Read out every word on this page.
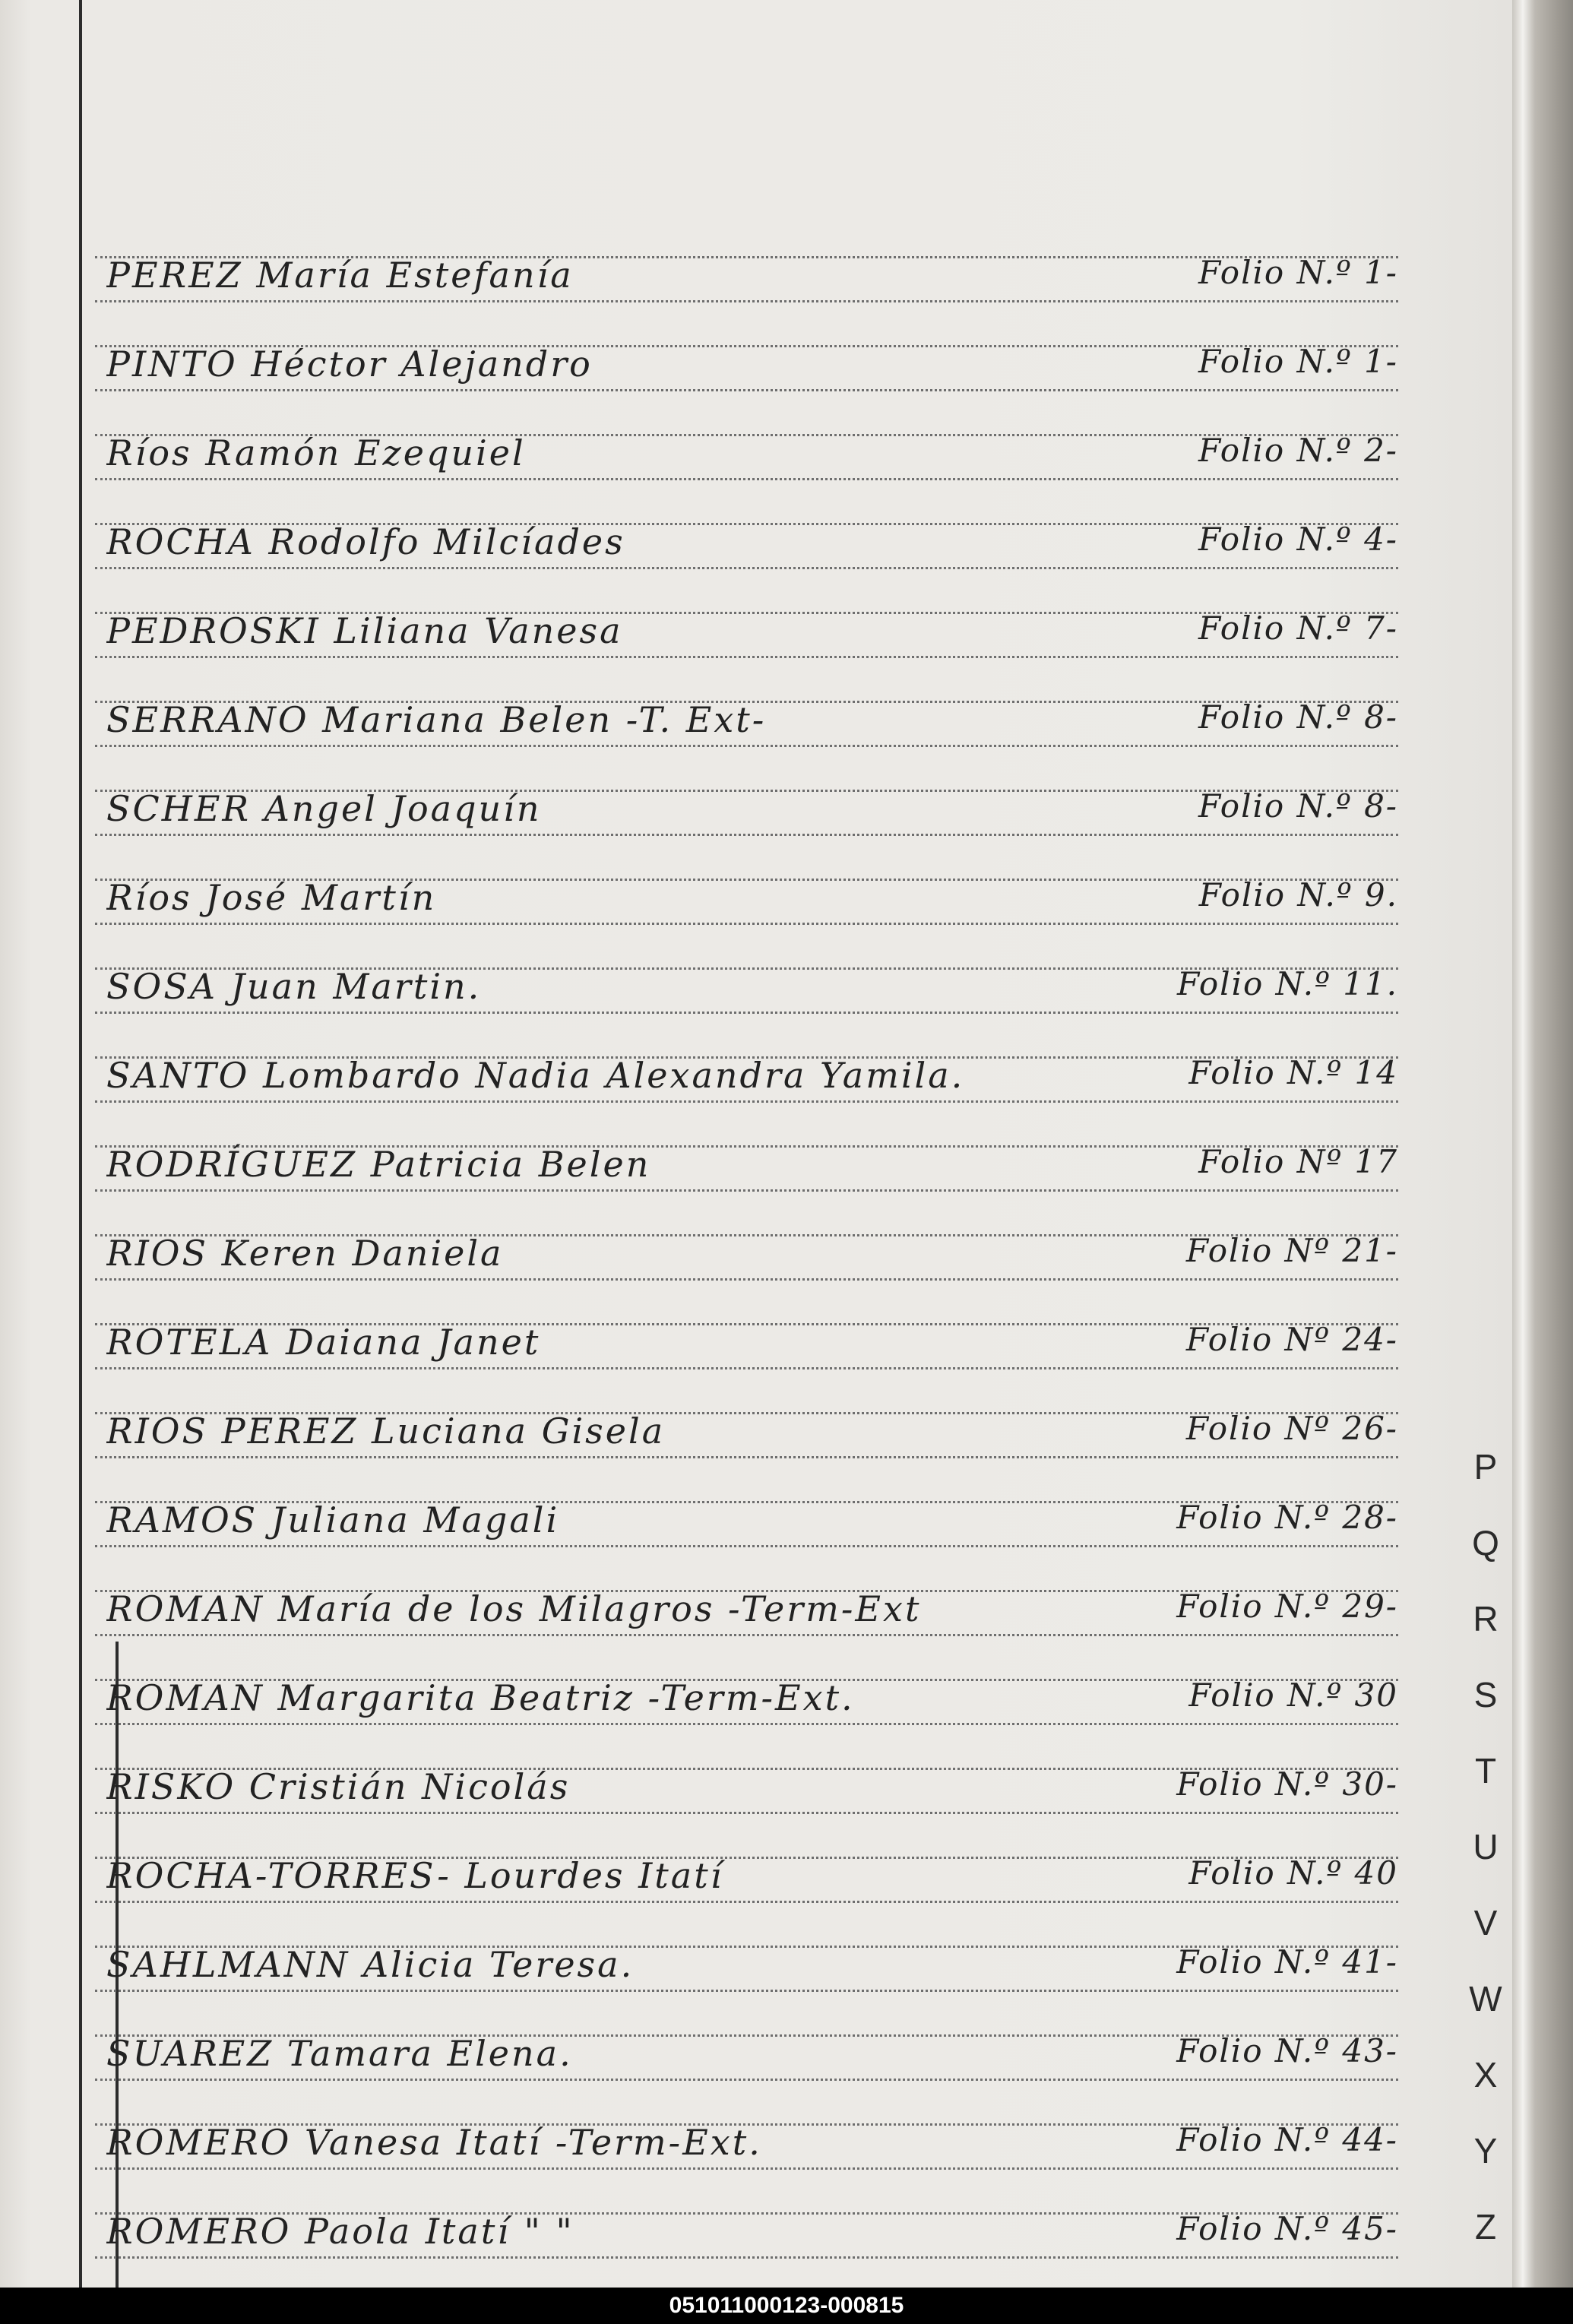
PEREZ María Estefanía	Folio N.º 1-
PINTO Héctor Alejandro	Folio N.º 1-
Ríos Ramón Ezequiel	Folio N.º 2-
ROCHA Rodolfo Milcíades	Folio N.º 4-
PEDROSKI Liliana Vanesa	Folio N.º 7-
SERRANO Mariana Belen -T. Ext-	Folio N.º 8-
SCHER Angel Joaquín	Folio N.º 8-
Ríos José Martín	Folio N.º 9.
SOSA Juan Martin.	Folio N.º 11.
SANTO Lombardo Nadia Alexandra Yamila.	Folio N.º 14
RODRÍGUEZ Patricia Belen	Folio Nº 17
RIOS Keren Daniela	Folio Nº 21-
ROTELA Daiana Janet	Folio Nº 24-
RIOS PEREZ Luciana Gisela	Folio Nº 26-
RAMOS Juliana Magali	Folio N.º 28-
ROMAN María de los Milagros -Term-Ext	Folio N.º 29-
ROMAN Margarita Beatriz -Term-Ext.	Folio N.º 30
RISKO Cristián Nicolás	Folio N.º 30-
ROCHA-TORRES- Lourdes Itatí	Folio N.º 40
SAHLMANN Alicia Teresa.	Folio N.º 41-
SUAREZ Tamara Elena.	Folio N.º 43-
ROMERO Vanesa Itatí -Term-Ext.	Folio N.º 44-
ROMERO Paola Itatí " "	Folio N.º 45-
P
Q
R
S
T
U
V
W
X
Y
Z
051011000123-000815
